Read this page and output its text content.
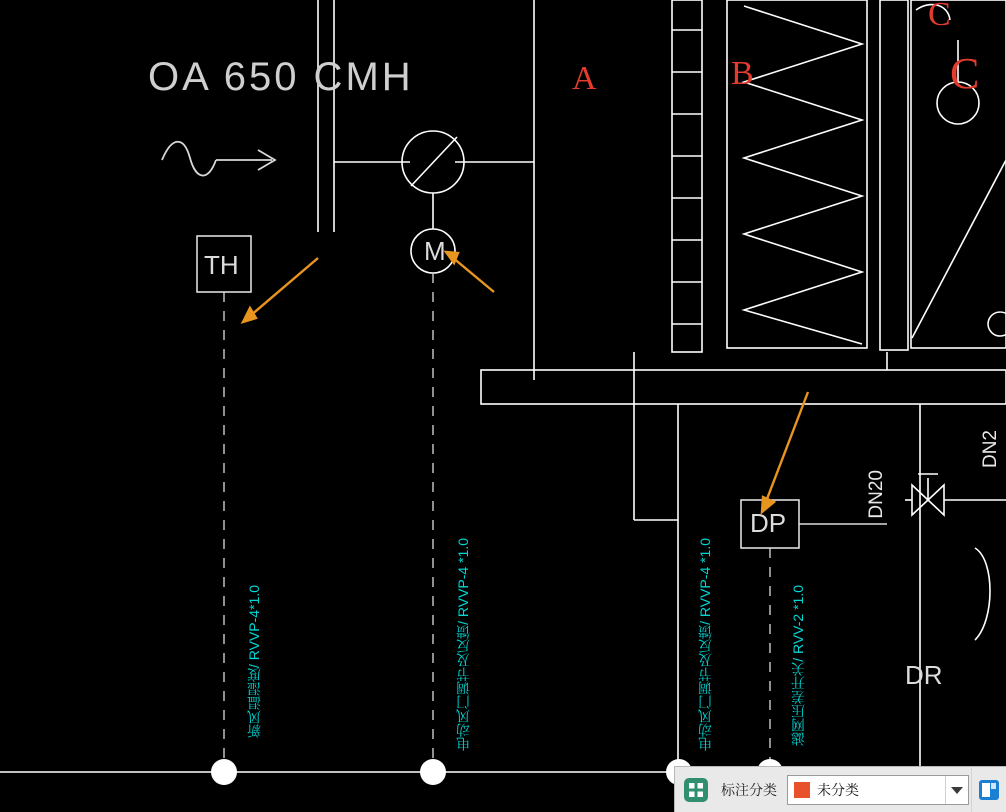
OA 650 CMH	A	B
C
C
TH	M
DP
DR
DN20
DN2
新风温湿度/ RVVP-4*1.0	电动风门调节及反馈/ RVVP-4 *1.0	电动风门调节及反馈/ RVVP-4 *1.0	滤网压差开关/ RVV-2 *1.0
标注分类	未分类
